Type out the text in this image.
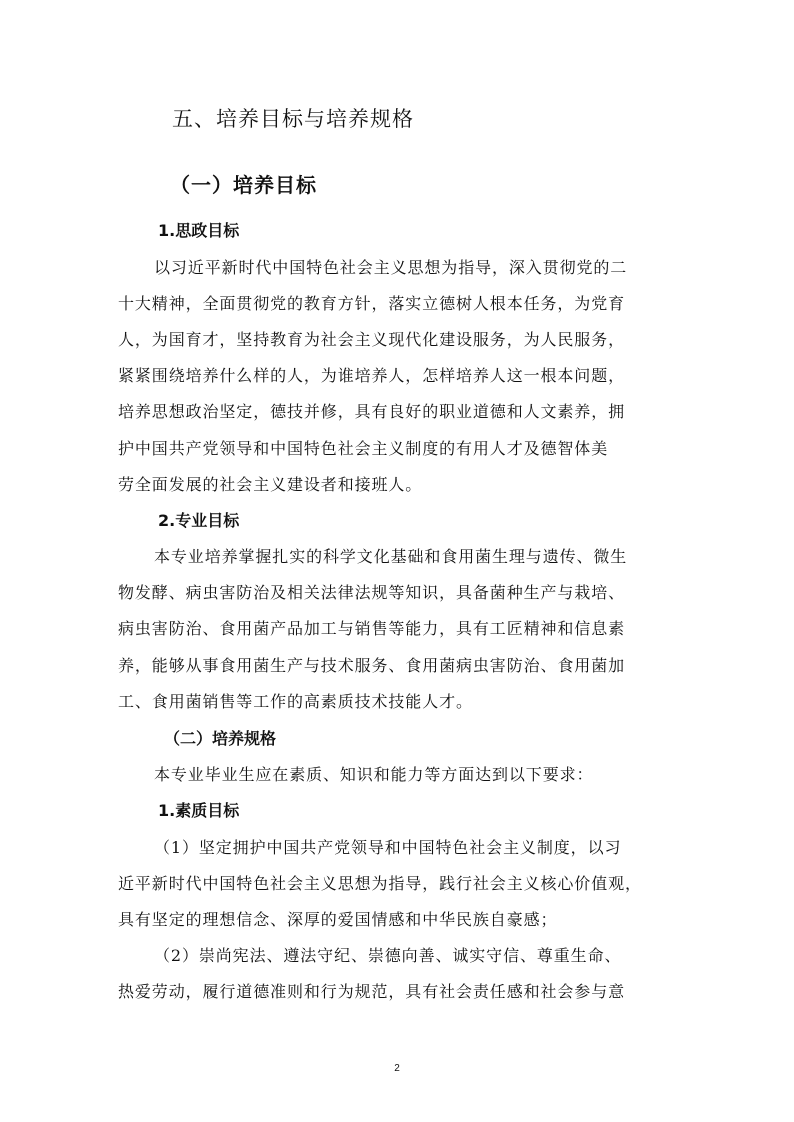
五、培养目标与培养规格
（一）培养目标
1.思政目标
以习近平新时代中国特色社会主义思想为指导，深入贯彻党的二
十大精神，全面贯彻党的教育方针，落实立德树人根本任务，为党育
人，为国育才，坚持教育为社会主义现代化建设服务，为人民服务，
紧紧围绕培养什么样的人，为谁培养人，怎样培养人这一根本问题，
培养思想政治坚定，德技并修，具有良好的职业道德和人文素养，拥
护中国共产党领导和中国特色社会主义制度的有用人才及德智体美
劳全面发展的社会主义建设者和接班人。
2.专业目标
本专业培养掌握扎实的科学文化基础和食用菌生理与遗传、微生
物发酵、病虫害防治及相关法律法规等知识，具备菌种生产与栽培、
病虫害防治、食用菌产品加工与销售等能力，具有工匠精神和信息素
养，能够从事食用菌生产与技术服务、食用菌病虫害防治、食用菌加
工、食用菌销售等工作的高素质技术技能人才。
（二）培养规格
本专业毕业生应在素质、知识和能力等方面达到以下要求：
1.素质目标
（1）坚定拥护中国共产党领导和中国特色社会主义制度，以习
近平新时代中国特色社会主义思想为指导，践行社会主义核心价值观，
具有坚定的理想信念、深厚的爱国情感和中华民族自豪感；
（2）崇尚宪法、遵法守纪、崇德向善、诚实守信、尊重生命、
热爱劳动，履行道德准则和行为规范，具有社会责任感和社会参与意
2
